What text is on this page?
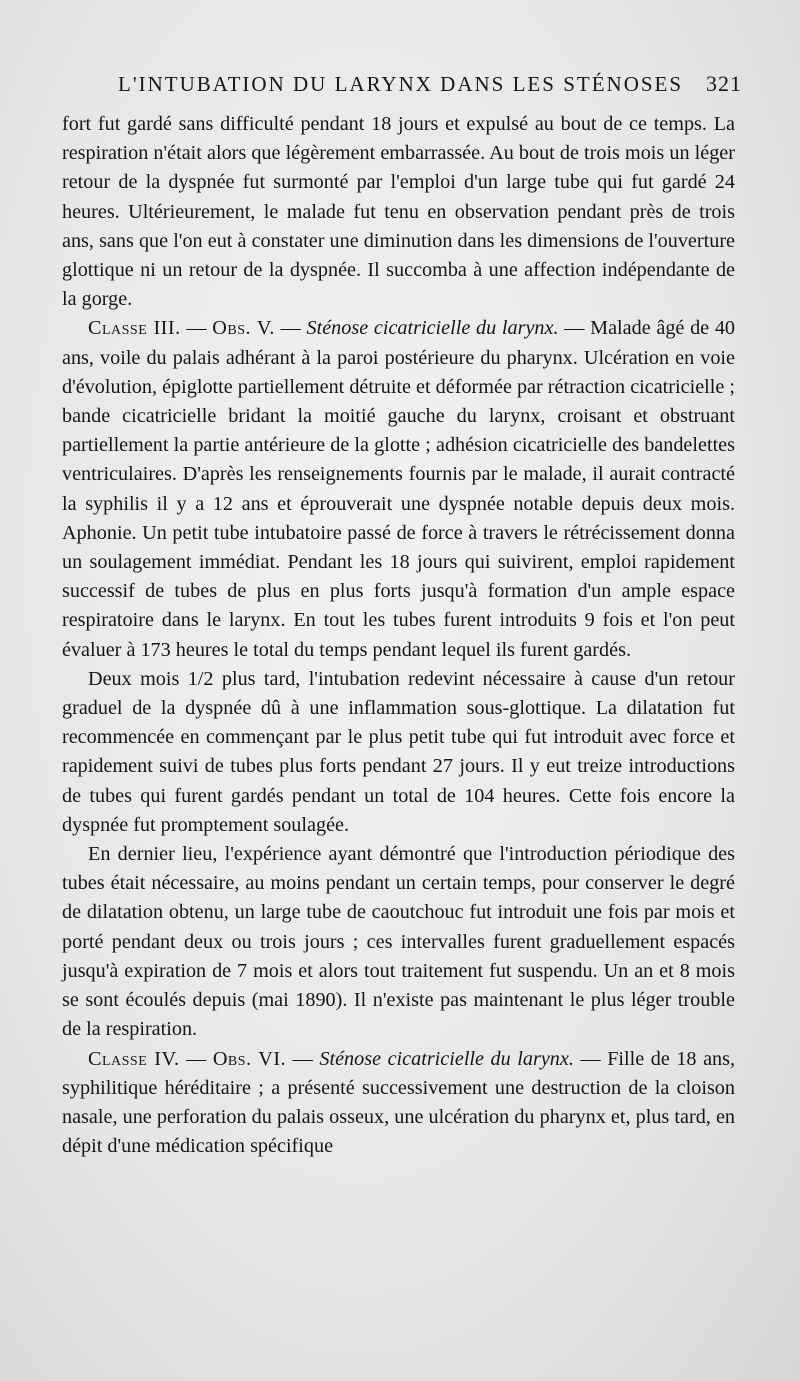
L'INTUBATION DU LARYNX DANS LES STÉNOSES 321

fort fut gardé sans difficulté pendant 18 jours et expulsé au bout de ce temps. La respiration n'était alors que légèrement embarrassée. Au bout de trois mois un léger retour de la dyspnée fut surmonté par l'emploi d'un large tube qui fut gardé 24 heures. Ultérieurement, le malade fut tenu en observation pendant près de trois ans, sans que l'on eut à constater une diminution dans les dimensions de l'ouverture glottique ni un retour de la dyspnée. Il succomba à une affection indépendante de la gorge.

Classe III. — Obs. V. — Sténose cicatricielle du larynx. — Malade âgé de 40 ans, voile du palais adhérant à la paroi postérieure du pharynx. Ulcération en voie d'évolution, épiglotte partiellement détruite et déformée par rétraction cicatricielle ; bande cicatricielle bridant la moitié gauche du larynx, croisant et obstruant partiellement la partie antérieure de la glotte ; adhésion cicatricielle des bandelettes ventriculaires. D'après les renseignements fournis par le malade, il aurait contracté la syphilis il y a 12 ans et éprouverait une dyspnée notable depuis deux mois. Aphonie. Un petit tube intubatoire passé de force à travers le rétrécissement donna un soulagement immédiat. Pendant les 18 jours qui suivirent, emploi rapidement successif de tubes de plus en plus forts jusqu'à formation d'un ample espace respiratoire dans le larynx. En tout les tubes furent introduits 9 fois et l'on peut évaluer à 173 heures le total du temps pendant lequel ils furent gardés.

Deux mois 1/2 plus tard, l'intubation redevint nécessaire à cause d'un retour graduel de la dyspnée dû à une inflammation sous-glottique. La dilatation fut recommencée en commençant par le plus petit tube qui fut introduit avec force et rapidement suivi de tubes plus forts pendant 27 jours. Il y eut treize introductions de tubes qui furent gardés pendant un total de 104 heures. Cette fois encore la dyspnée fut promptement soulagée.

En dernier lieu, l'expérience ayant démontré que l'introduction périodique des tubes était nécessaire, au moins pendant un certain temps, pour conserver le degré de dilatation obtenu, un large tube de caoutchouc fut introduit une fois par mois et porté pendant deux ou trois jours ; ces intervalles furent graduellement espacés jusqu'à expiration de 7 mois et alors tout traitement fut suspendu. Un an et 8 mois se sont écoulés depuis (mai 1890). Il n'existe pas maintenant le plus léger trouble de la respiration.

Classe IV. — Obs. VI. — Sténose cicatricielle du larynx. — Fille de 18 ans, syphilitique héréditaire ; a présenté successivement une destruction de la cloison nasale, une perforation du palais osseux, une ulcération du pharynx et, plus tard, en dépit d'une médication spécifique
